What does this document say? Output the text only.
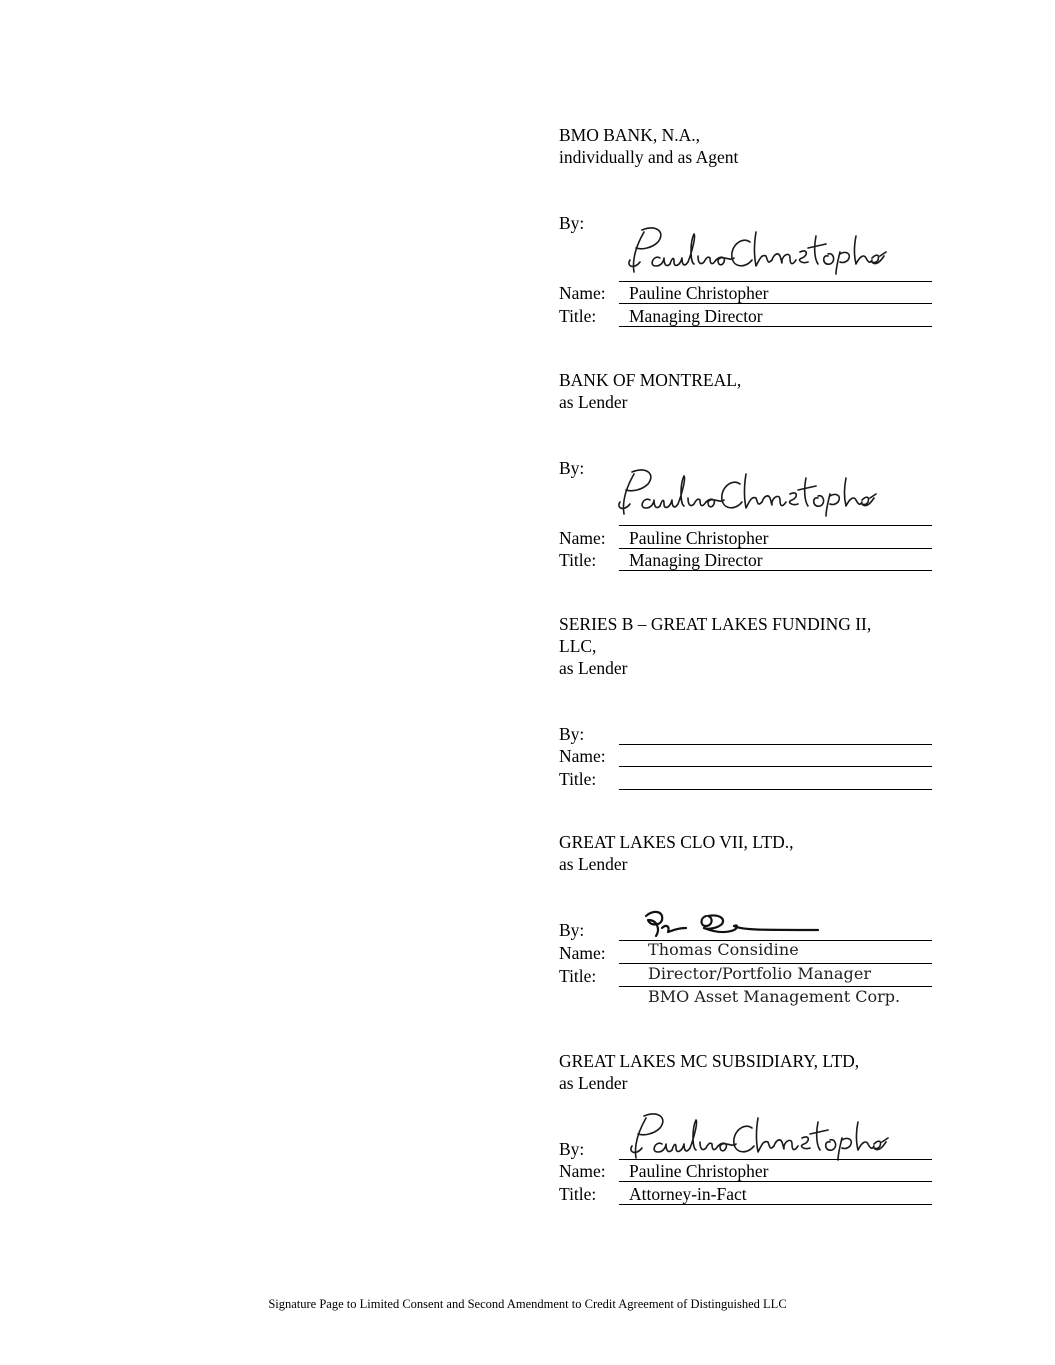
BMO BANK, N.A.,
individually and as Agent
By:
Name: Pauline Christopher
Title: Managing Director
BANK OF MONTREAL,
as Lender
By:
Name: Pauline Christopher
Title: Managing Director
SERIES B – GREAT LAKES FUNDING II,
LLC,
as Lender
By:
Name:
Title:
GREAT LAKES CLO VII, LTD.,
as Lender
By:
Name:	Thomas Considine
Title:	Director/Portfolio Manager
BMO Asset Management Corp.
GREAT LAKES MC SUBSIDIARY, LTD,
as Lender
By:
Name: Pauline Christopher
Title: Attorney-in-Fact
Signature Page to Limited Consent and Second Amendment to Credit Agreement of Distinguished LLC
